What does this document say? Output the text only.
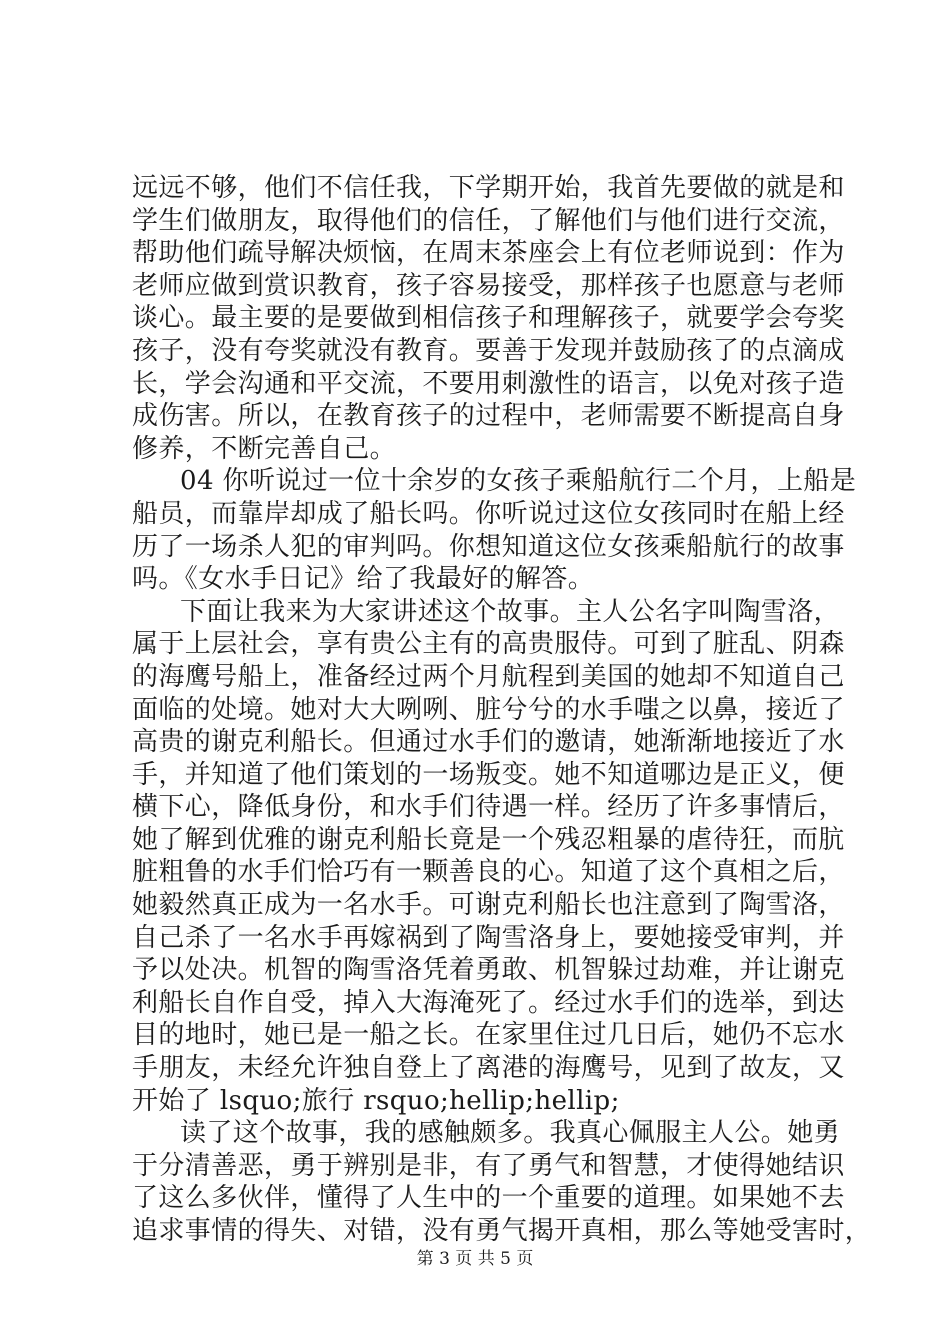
远远不够，他们不信任我，下学期开始，我首先要做的就是和
学生们做朋友，取得他们的信任，了解他们与他们进行交流，
帮助他们疏导解决烦恼，在周末茶座会上有位老师说到：作为
老师应做到赏识教育，孩子容易接受，那样孩子也愿意与老师
谈心。最主要的是要做到相信孩子和理解孩子，就要学会夸奖
孩子，没有夸奖就没有教育。要善于发现并鼓励孩了的点滴成
长，学会沟通和平交流，不要用刺激性的语言，以免对孩子造
成伤害。所以，在教育孩子的过程中，老师需要不断提高自身
修养，不断完善自己。
04 你听说过一位十余岁的女孩子乘船航行二个月，上船是
船员，而靠岸却成了船长吗。你听说过这位女孩同时在船上经
历了一场杀人犯的审判吗。你想知道这位女孩乘船航行的故事
吗。《女水手日记》给了我最好的解答。
下面让我来为大家讲述这个故事。主人公名字叫陶雪洛，
属于上层社会，享有贵公主有的高贵服侍。可到了脏乱、阴森
的海鹰号船上，准备经过两个月航程到美国的她却不知道自己
面临的处境。她对大大咧咧、脏兮兮的水手嗤之以鼻，接近了
高贵的谢克利船长。但通过水手们的邀请，她渐渐地接近了水
手，并知道了他们策划的一场叛变。她不知道哪边是正义，便
横下心，降低身份，和水手们待遇一样。经历了许多事情后，
她了解到优雅的谢克利船长竟是一个残忍粗暴的虐待狂，而肮
脏粗鲁的水手们恰巧有一颗善良的心。知道了这个真相之后，
她毅然真正成为一名水手。可谢克利船长也注意到了陶雪洛，
自己杀了一名水手再嫁祸到了陶雪洛身上，要她接受审判，并
予以处决。机智的陶雪洛凭着勇敢、机智躲过劫难，并让谢克
利船长自作自受，掉入大海淹死了。经过水手们的选举，到达
目的地时，她已是一船之长。在家里住过几日后，她仍不忘水
手朋友，未经允许独自登上了离港的海鹰号，见到了故友，又
开始了 lsquo;旅行 rsquo;hellip;hellip;
读了这个故事，我的感触颇多。我真心佩服主人公。她勇
于分清善恶，勇于辨别是非，有了勇气和智慧，才使得她结识
了这么多伙伴，懂得了人生中的一个重要的道理。如果她不去
追求事情的得失、对错，没有勇气揭开真相，那么等她受害时，
第 3 页 共 5 页
